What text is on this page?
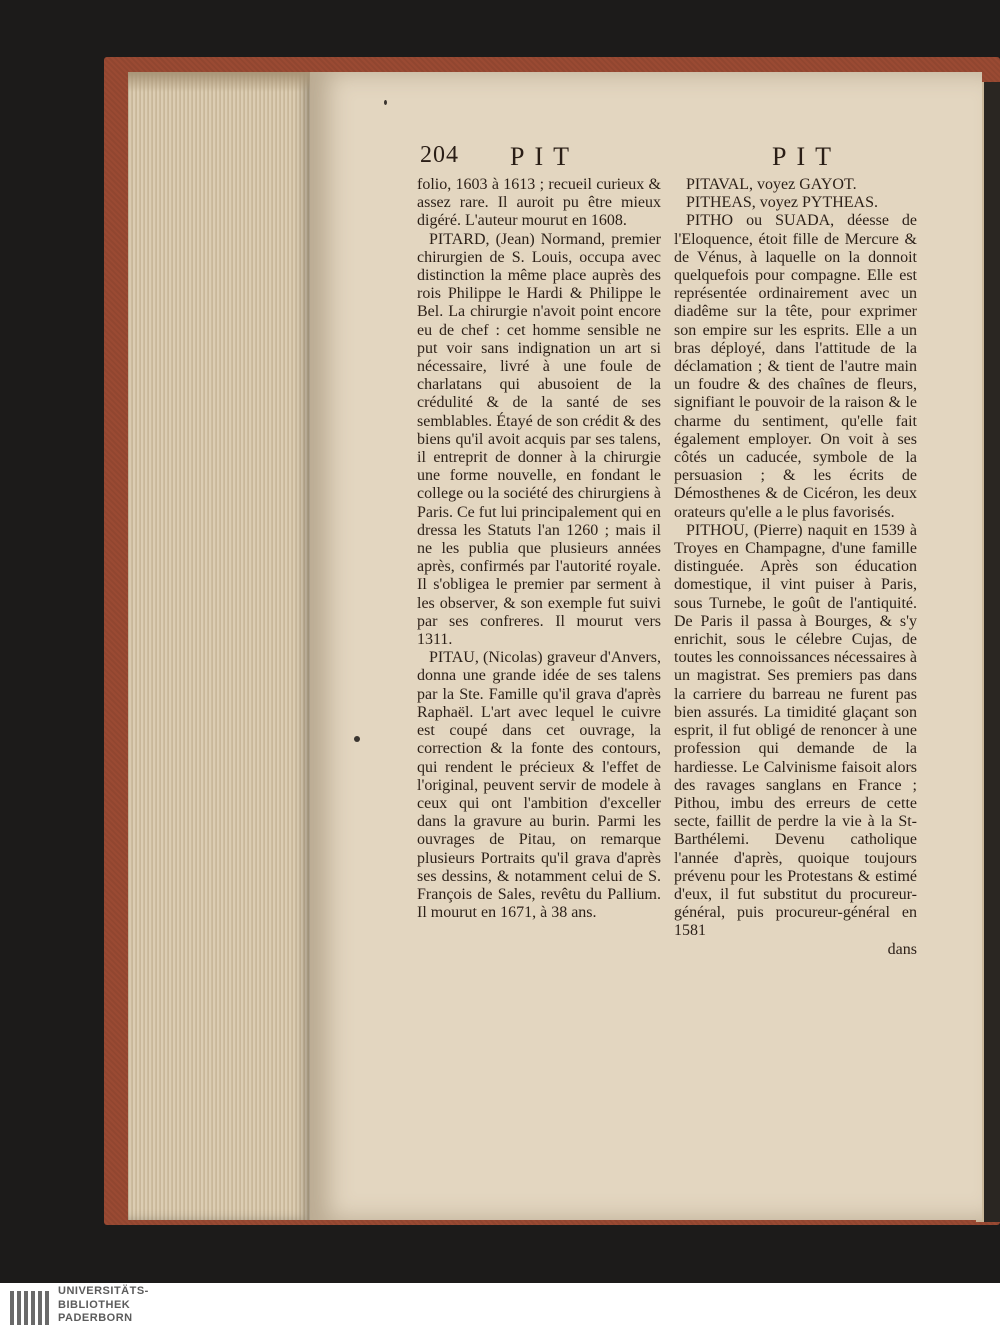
204 PIT	PIT

folio, 1603 à 1613 ; recueil curieux & assez rare. Il auroit pu être mieux digéré. L'auteur mourut en 1608.

PITARD, (Jean) Normand, premier chirurgien de S. Louis, occupa avec distinction la même place auprès des rois Philippe le Hardi & Philippe le Bel. La chirurgie n'avoit point encore eu de chef : cet homme sensible ne put voir sans indignation un art si nécessaire, livré à une foule de charlatans qui abusoient de la crédulité & de la santé de ses semblables. Étayé de son crédit & des biens qu'il avoit acquis par ses talens, il entreprit de donner à la chirurgie une forme nouvelle, en fondant le college ou la société des chirurgiens à Paris. Ce fut lui principalement qui en dressa les Statuts l'an 1260 ; mais il ne les publia que plusieurs années après, confirmés par l'autorité royale. Il s'obligea le premier par serment à les observer, & son exemple fut suivi par ses confreres. Il mourut vers 1311.

PITAU, (Nicolas) graveur d'Anvers, donna une grande idée de ses talens par la Ste. Famille qu'il grava d'après Raphaël. L'art avec lequel le cuivre est coupé dans cet ouvrage, la correction & la fonte des contours, qui rendent le précieux & l'effet de l'original, peuvent servir de modele à ceux qui ont l'ambition d'exceller dans la gravure au burin. Parmi les ouvrages de Pitau, on remarque plusieurs Portraits qu'il grava d'après ses dessins, & notamment celui de S. François de Sales, revêtu du Pallium. Il mourut en 1671, à 38 ans.

PITAVAL, voyez GAYOT.

PITHEAS, voyez PYTHEAS.

PITHO ou SUADA, déesse de l'Eloquence, étoit fille de Mercure & de Vénus, à laquelle on la donnoit quelquefois pour compagne. Elle est représentée ordinairement avec un diadême sur la tête, pour exprimer son empire sur les esprits. Elle a un bras déployé, dans l'attitude de la déclamation ; & tient de l'autre main un foudre & des chaînes de fleurs, signifiant le pouvoir de la raison & le charme du sentiment, qu'elle fait également employer. On voit à ses côtés un caducée, symbole de la persuasion ; & les écrits de Démosthenes & de Cicéron, les deux orateurs qu'elle a le plus favorisés.

PITHOU, (Pierre) naquit en 1539 à Troyes en Champagne, d'une famille distinguée. Après son éducation domestique, il vint puiser à Paris, sous Turnebe, le goût de l'antiquité. De Paris il passa à Bourges, & s'y enrichit, sous le célebre Cujas, de toutes les connoissances nécessaires à un magistrat. Ses premiers pas dans la carriere du barreau ne furent pas bien assurés. La timidité glaçant son esprit, il fut obligé de renoncer à une profession qui demande de la hardiesse. Le Calvinisme faisoit alors des ravages sanglans en France ; Pithou, imbu des erreurs de cette secte, faillit de perdre la vie à la St-Barthélemi. Devenu catholique l'année d'après, quoique toujours prévenu pour les Protestans & estimé d'eux, il fut substitut du procureur-général, puis procureur-général en 1581

dans
UNIVERSITÄTS-
BIBLIOTHEK
PADERBORN
